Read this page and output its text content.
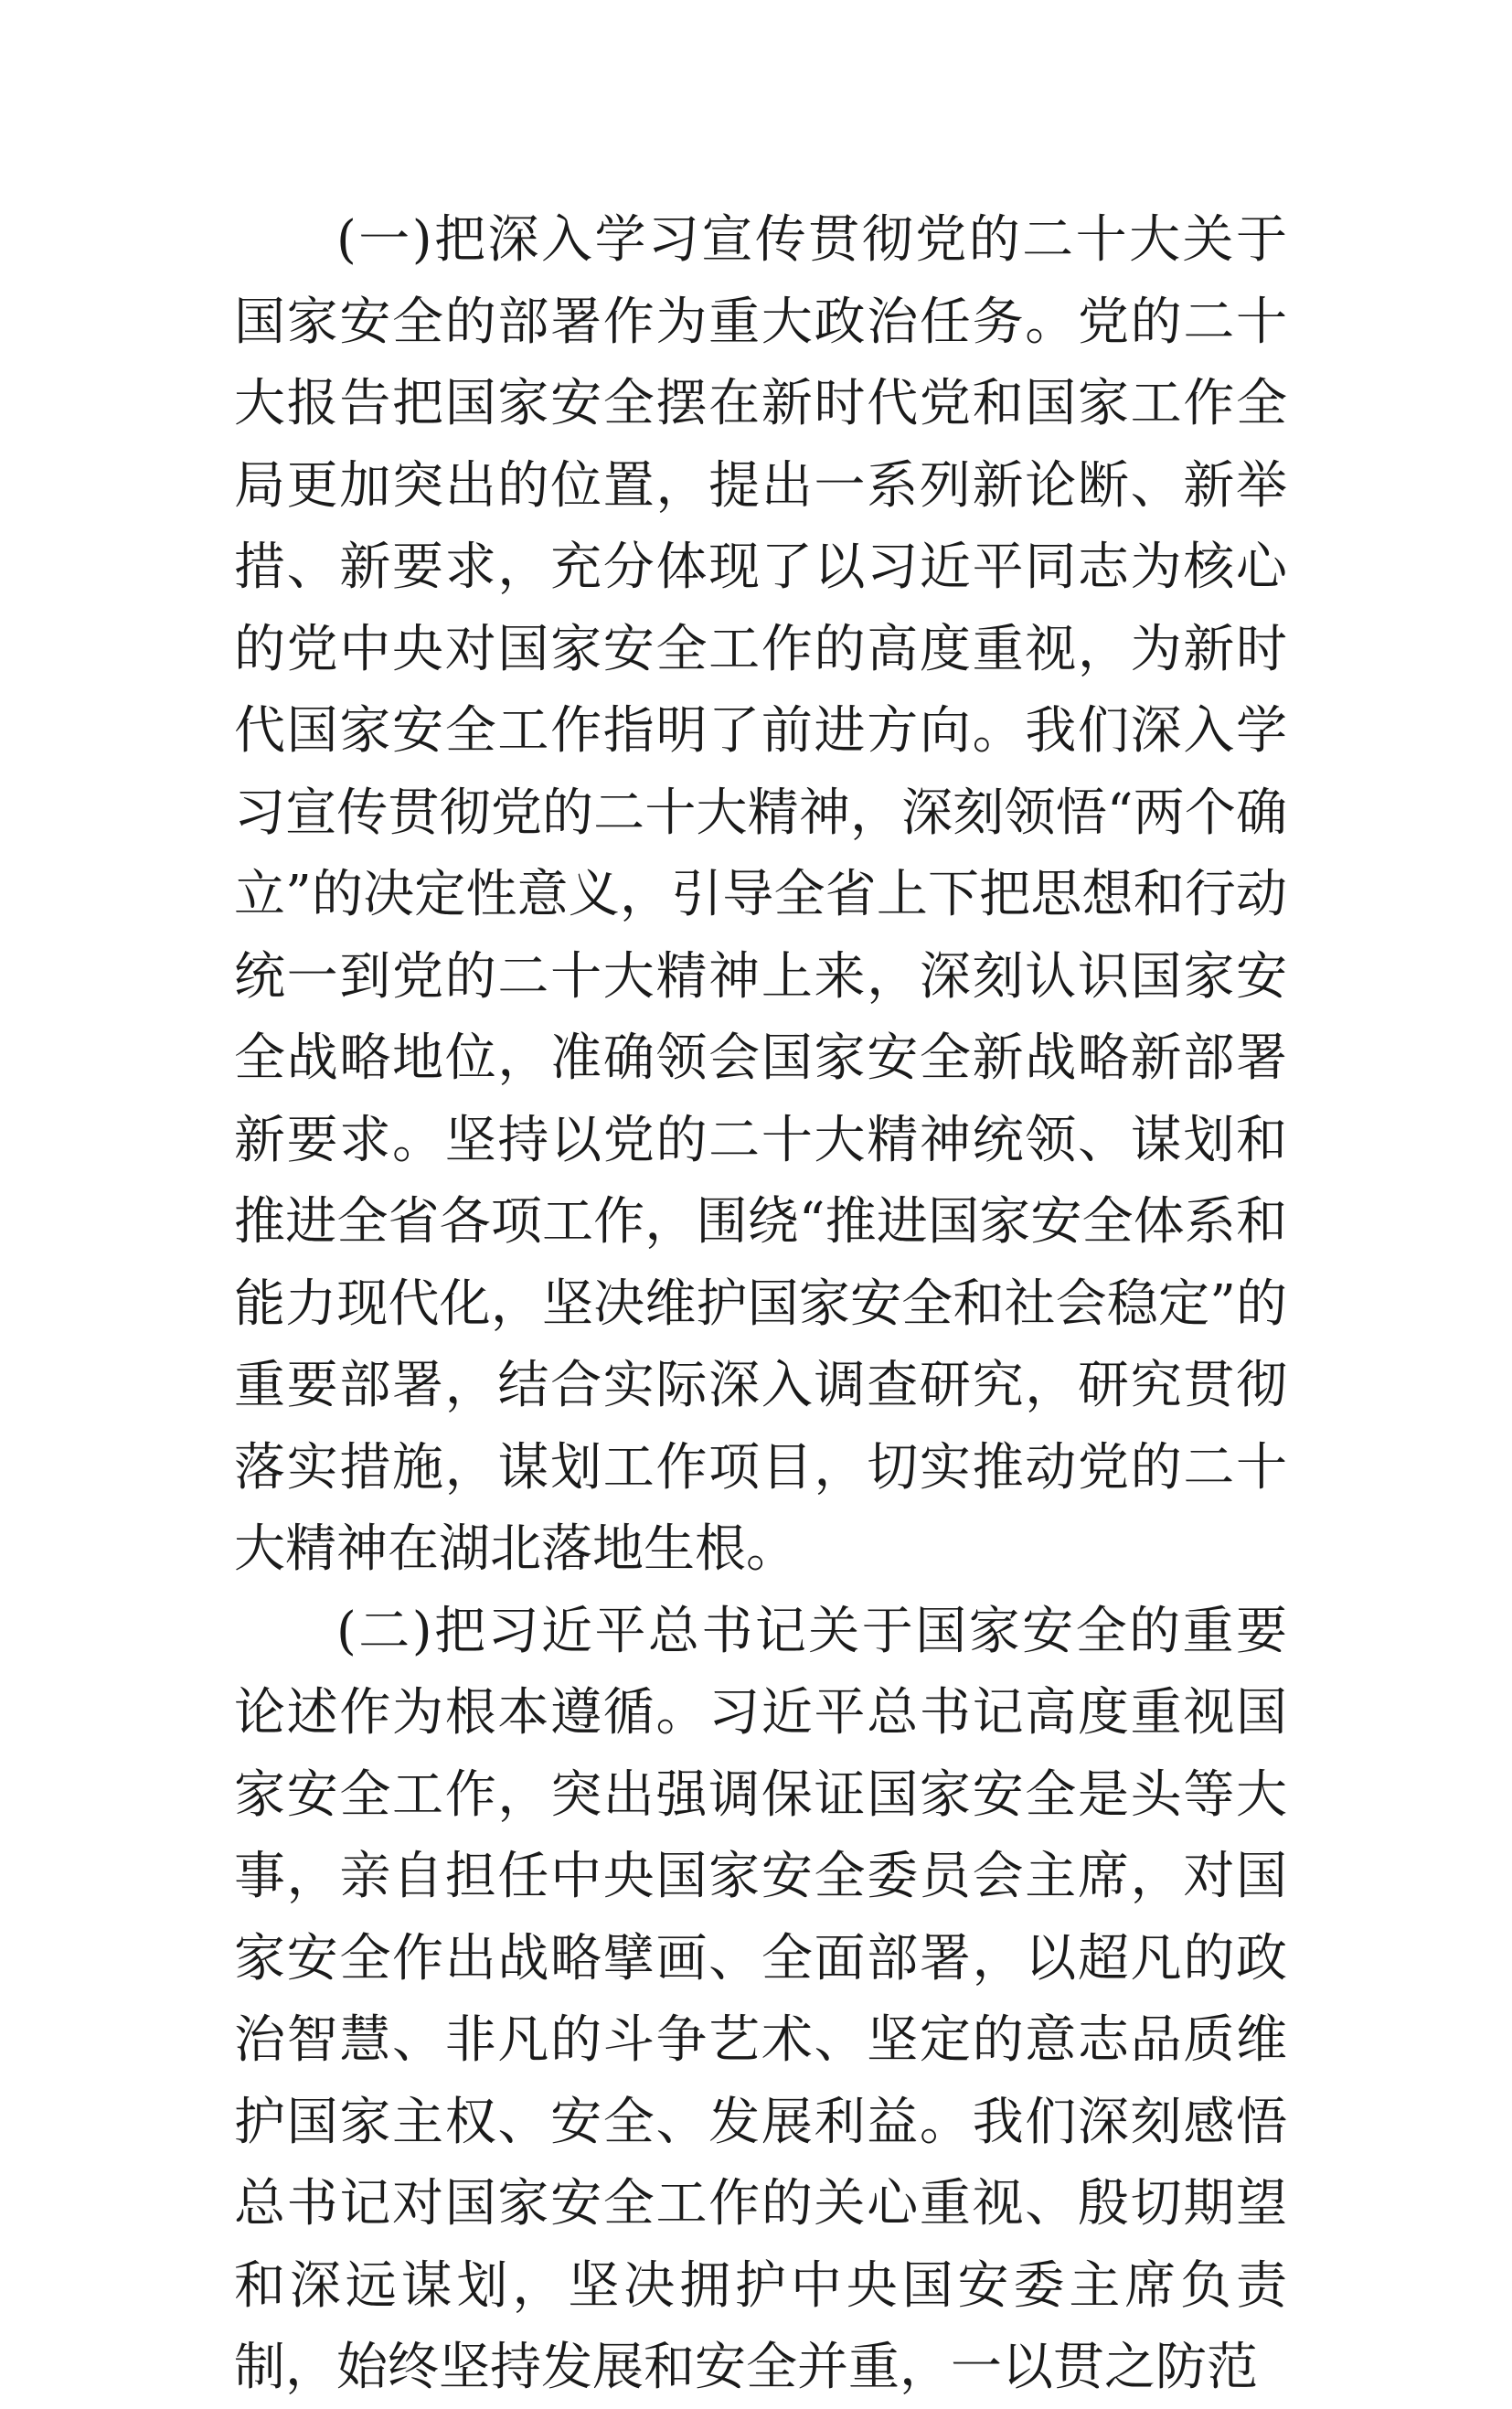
(一)把深入学习宣传贯彻党的二十大关于国家安全的部署作为重大政治任务。党的二十大报告把国家安全摆在新时代党和国家工作全局更加突出的位置，提出一系列新论断、新举措、新要求，充分体现了以习近平同志为核心的党中央对国家安全工作的高度重视，为新时代国家安全工作指明了前进方向。我们深入学习宣传贯彻党的二十大精神，深刻领悟“两个确立”的决定性意义，引导全省上下把思想和行动统一到党的二十大精神上来，深刻认识国家安全战略地位，准确领会国家安全新战略新部署新要求。坚持以党的二十大精神统领、谋划和推进全省各项工作，围绕“推进国家安全体系和能力现代化，坚决维护国家安全和社会稳定”的重要部署，结合实际深入调查研究，研究贯彻落实措施，谋划工作项目，切实推动党的二十大精神在湖北落地生根。

(二)把习近平总书记关于国家安全的重要论述作为根本遵循。习近平总书记高度重视国家安全工作，突出强调保证国家安全是头等大事，亲自担任中央国家安全委员会主席，对国家安全作出战略擘画、全面部署，以超凡的政治智慧、非凡的斗争艺术、坚定的意志品质维护国家主权、安全、发展利益。我们深刻感悟总书记对国家安全工作的关心重视、殷切期望和深远谋划，坚决拥护中央国安委主席负责制，始终坚持发展和安全并重，一以贯之防范
